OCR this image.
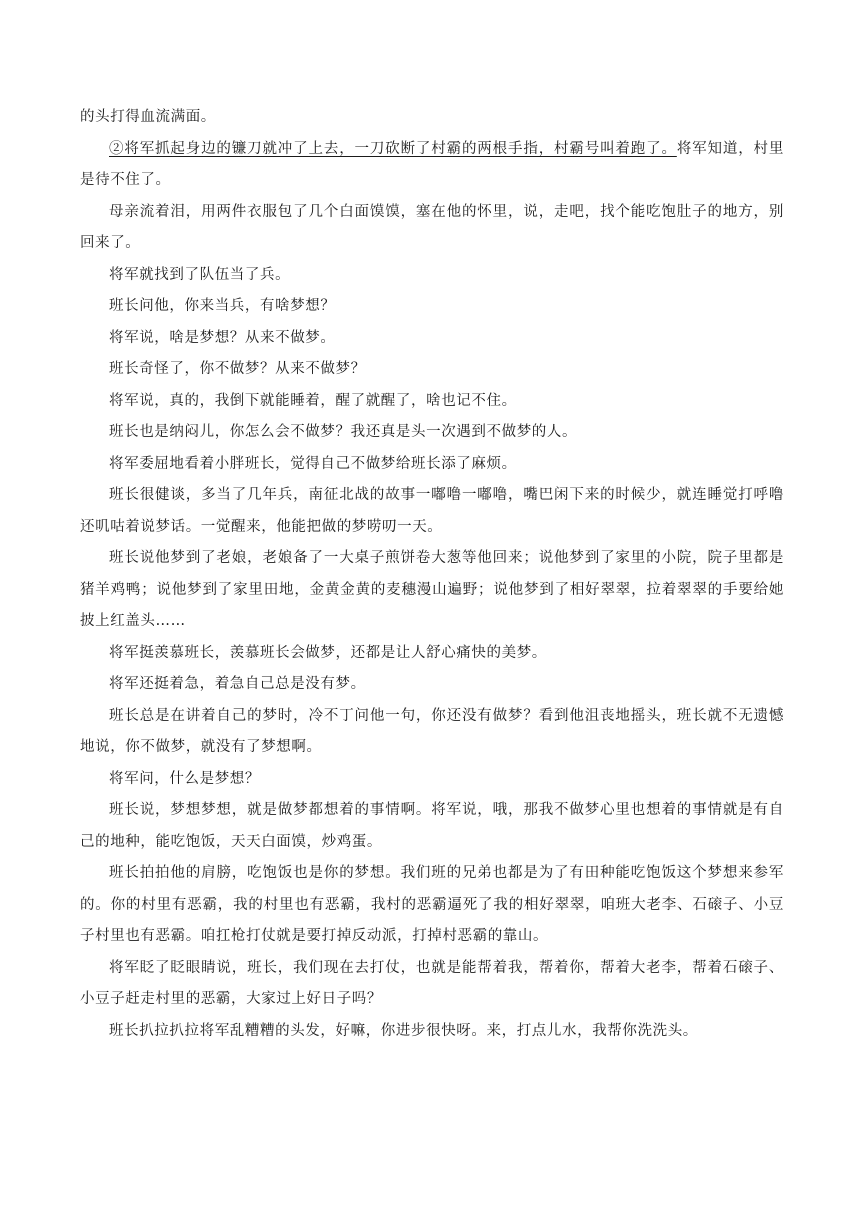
的头打得血流满面。

②将军抓起身边的镰刀就冲了上去，一刀砍断了村霸的两根手指，村霸号叫着跑了。将军知道，村里是待不住了。

母亲流着泪，用两件衣服包了几个白面馍馍，塞在他的怀里，说，走吧，找个能吃饱肚子的地方，别回来了。

将军就找到了队伍当了兵。

班长问他，你来当兵，有啥梦想？

将军说，啥是梦想？从来不做梦。

班长奇怪了，你不做梦？从来不做梦？

将军说，真的，我倒下就能睡着，醒了就醒了，啥也记不住。

班长也是纳闷儿，你怎么会不做梦？我还真是头一次遇到不做梦的人。

将军委屈地看着小胖班长，觉得自己不做梦给班长添了麻烦。

班长很健谈，多当了几年兵，南征北战的故事一嘟噜一嘟噜，嘴巴闲下来的时候少，就连睡觉打呼噜还叽咕着说梦话。一觉醒来，他能把做的梦唠叨一天。

班长说他梦到了老娘，老娘备了一大桌子煎饼卷大葱等他回来；说他梦到了家里的小院，院子里都是猪羊鸡鸭；说他梦到了家里田地，金黄金黄的麦穗漫山遍野；说他梦到了相好翠翠，拉着翠翠的手要给她披上红盖头……

将军挺羡慕班长，羡慕班长会做梦，还都是让人舒心痛快的美梦。

将军还挺着急，着急自己总是没有梦。

班长总是在讲着自己的梦时，冷不丁问他一句，你还没有做梦？看到他沮丧地摇头，班长就不无遗憾地说，你不做梦，就没有了梦想啊。

将军问，什么是梦想？

班长说，梦想梦想，就是做梦都想着的事情啊。将军说，哦，那我不做梦心里也想着的事情就是有自己的地种，能吃饱饭，天天白面馍，炒鸡蛋。

班长拍拍他的肩膀，吃饱饭也是你的梦想。我们班的兄弟也都是为了有田种能吃饱饭这个梦想来参军的。你的村里有恶霸，我的村里也有恶霸，我村的恶霸逼死了我的相好翠翠，咱班大老李、石磙子、小豆子村里也有恶霸。咱扛枪打仗就是要打掉反动派，打掉村恶霸的靠山。

将军眨了眨眼睛说，班长，我们现在去打仗，也就是能帮着我，帮着你，帮着大老李，帮着石磙子、小豆子赶走村里的恶霸，大家过上好日子吗？

班长扒拉扒拉将军乱糟糟的头发，好嘛，你进步很快呀。来，打点儿水，我帮你洗洗头。
